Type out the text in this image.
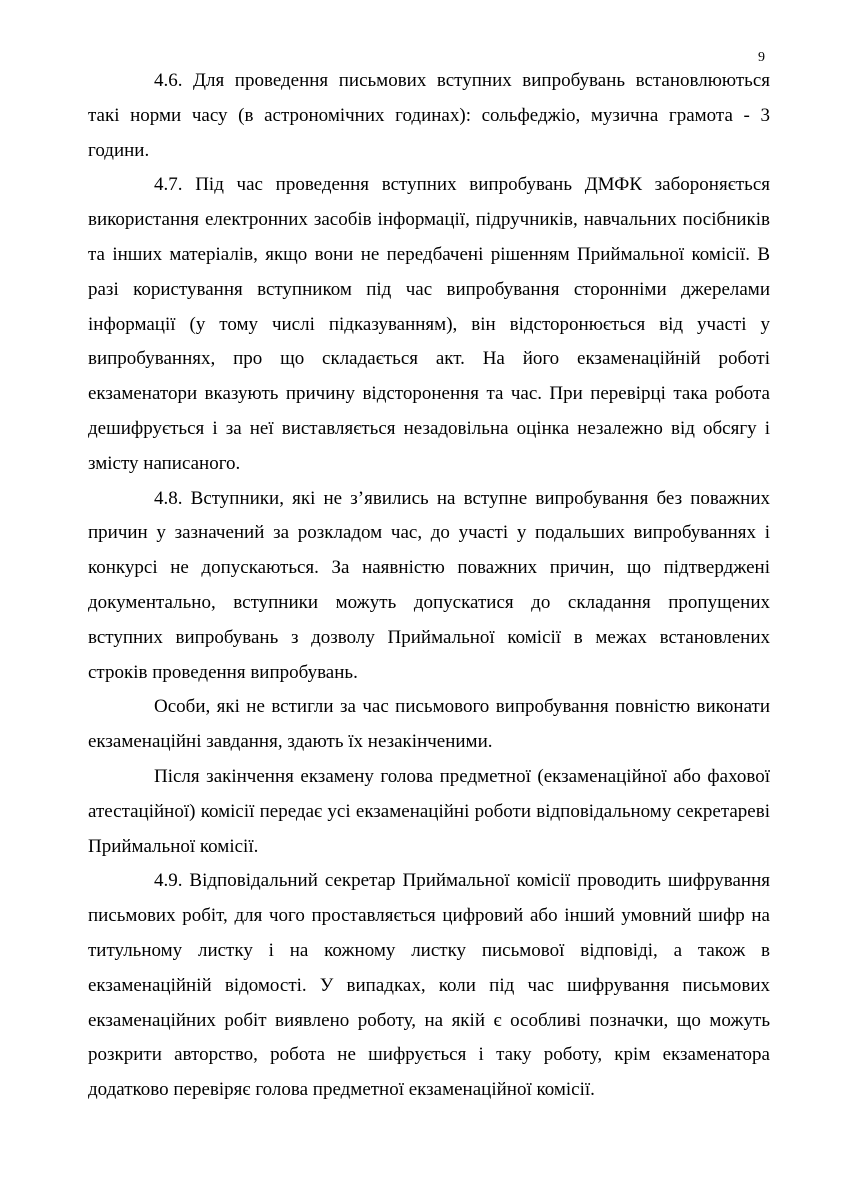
9

4.6. Для проведення письмових вступних випробувань встановлюються такі норми часу (в астрономічних годинах): сольфеджіо, музична грамота - 3 години.

4.7. Під час проведення вступних випробувань ДМФК забороняється використання електронних засобів інформації, підручників, навчальних посібників та інших матеріалів, якщо вони не передбачені рішенням Приймальної комісії. В разі користування вступником під час випробування сторонніми джерелами інформації (у тому числі підказуванням), він відсторонюється від участі у випробуваннях, про що складається акт. На його екзаменаційній роботі екзаменатори вказують причину відсторонення та час. При перевірці така робота дешифрується і за неї виставляється незадовільна оцінка незалежно від обсягу і змісту написаного.

4.8. Вступники, які не з’явились на вступне випробування без поважних причин у зазначений за розкладом час, до участі у подальших випробуваннях і конкурсі не допускаються. За наявністю поважних причин, що підтверджені документально, вступники можуть допускатися до складання пропущених вступних випробувань з дозволу Приймальної комісії в межах встановлених строків проведення випробувань.

Особи, які не встигли за час письмового випробування повністю виконати екзаменаційні завдання, здають їх незакінченими.

Після закінчення екзамену голова предметної (екзаменаційної або фахової атестаційної) комісії передає усі екзаменаційні роботи відповідальному секретареві Приймальної комісії.

4.9. Відповідальний секретар Приймальної комісії проводить шифрування письмових робіт, для чого проставляється цифровий або інший умовний шифр на титульному листку і на кожному листку письмової відповіді, а також в екзаменаційній відомості. У випадках, коли під час шифрування письмових екзаменаційних робіт виявлено роботу, на якій є особливі позначки, що можуть розкрити авторство, робота не шифрується і таку роботу, крім екзаменатора додатково перевіряє голова предметної екзаменаційної комісії.
